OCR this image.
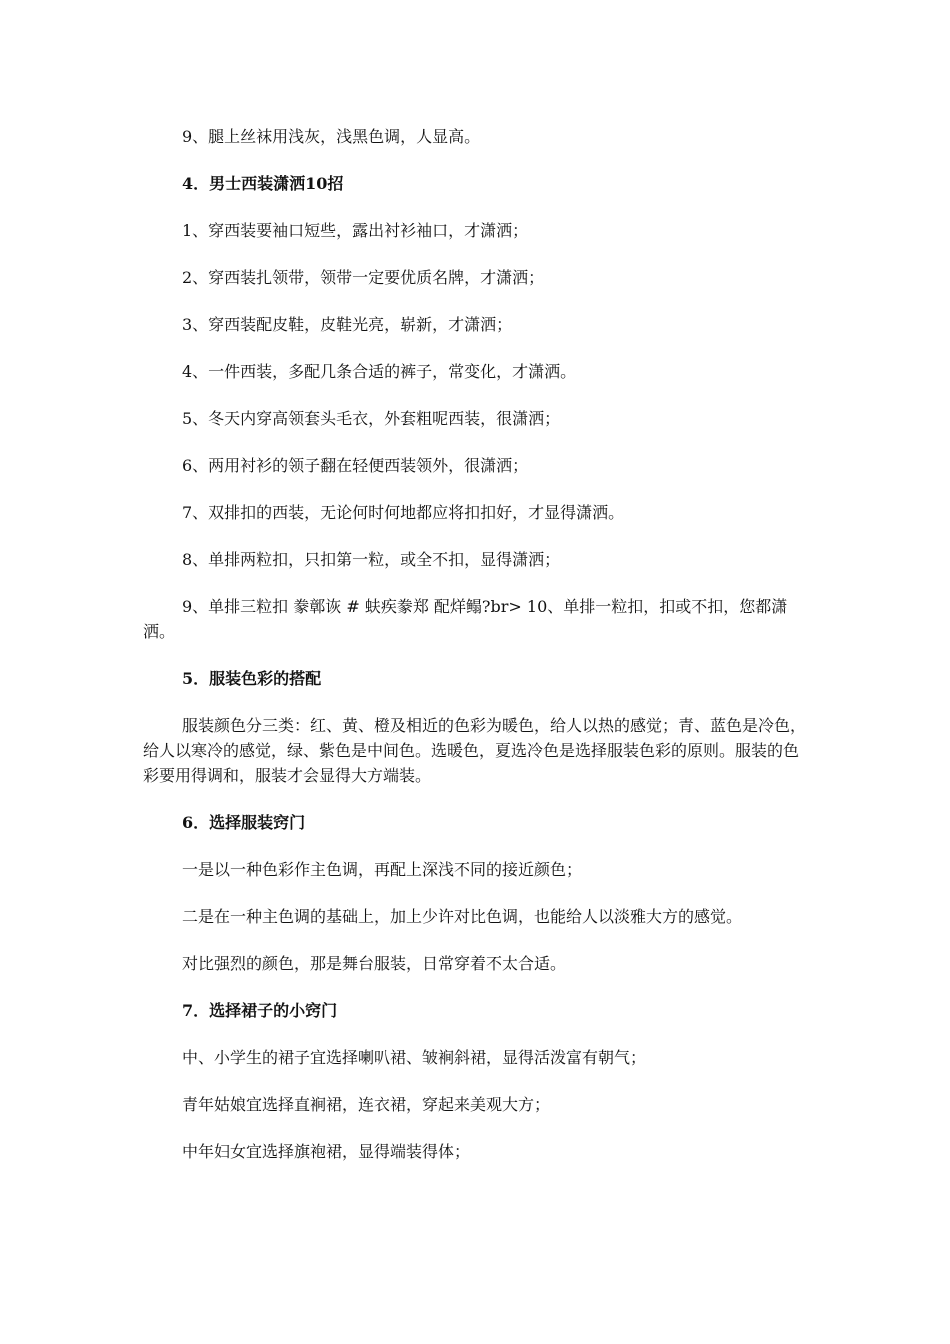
9、腿上丝袜用浅灰，浅黑色调，人显高。

4．男士西装潇洒10招

1、穿西装要袖口短些，露出衬衫袖口，才潇洒；

2、穿西装扎领带，领带一定要优质名牌，才潇洒；

3、穿西装配皮鞋，皮鞋光亮，崭新，才潇洒；

4、一件西装，多配几条合适的裤子，常变化，才潇洒。

5、冬天内穿高领套头毛衣，外套粗呢西装，很潇洒；

6、两用衬衫的领子翻在轻便西装领外，很潇洒；

7、双排扣的西装，无论何时何地都应将扣扣好，才显得潇洒。

8、单排两粒扣，只扣第一粒，或全不扣，显得潇洒；

9、单排三粒扣 豢鄣诙 # 蚨疾豢郑 配烊鳎?br> 10、单排一粒扣，扣或不扣，您都潇洒。

5．服装色彩的搭配

服装颜色分三类：红、黄、橙及相近的色彩为暖色，给人以热的感觉；青、蓝色是冷色，给人以寒冷的感觉，绿、紫色是中间色。选暖色，夏选冷色是选择服装色彩的原则。服装的色彩要用得调和，服装才会显得大方端装。

6．选择服装窍门

一是以一种色彩作主色调，再配上深浅不同的接近颜色；

二是在一种主色调的基础上，加上少许对比色调，也能给人以淡雅大方的感觉。

对比强烈的颜色，那是舞台服装，日常穿着不太合适。

7．选择裙子的小窍门

中、小学生的裙子宜选择喇叭裙、皱裥斜裙，显得活泼富有朝气；

青年姑娘宜选择直裥裙，连衣裙，穿起来美观大方；

中年妇女宜选择旗袍裙，显得端装得体；
